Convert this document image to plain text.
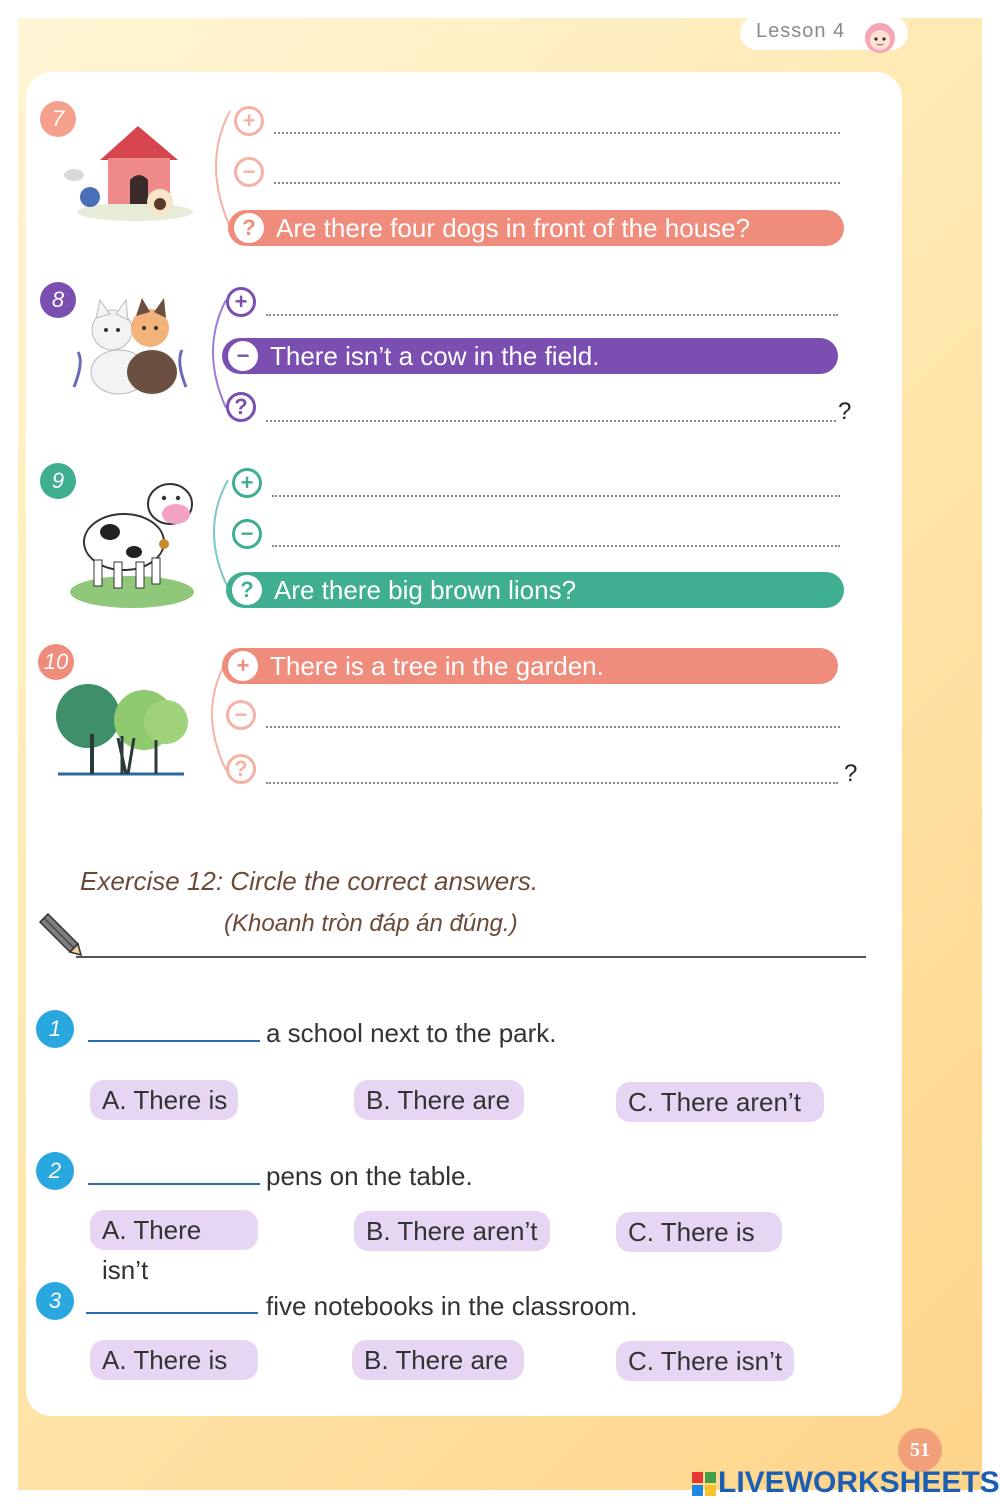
Lesson 4
7	+
−
? Are there four dogs in front of the house?
8	+
− There isn’t a cow in the field.
?	?
9	+
−
? Are there big brown lions?
10	+ There is a tree in the garden.
−
?	?
Exercise 12: Circle the correct answers.
(Khoanh tròn đáp án đúng.)
1	a school next to the park.
A. There is	B. There are	C. There aren’t
2	pens on the table.
A. There isn’t
B. There aren’t	C. There is
3	five notebooks in the classroom.
A. There is	B. There are	C. There isn’t
51
LIVEWORKSHEETS
